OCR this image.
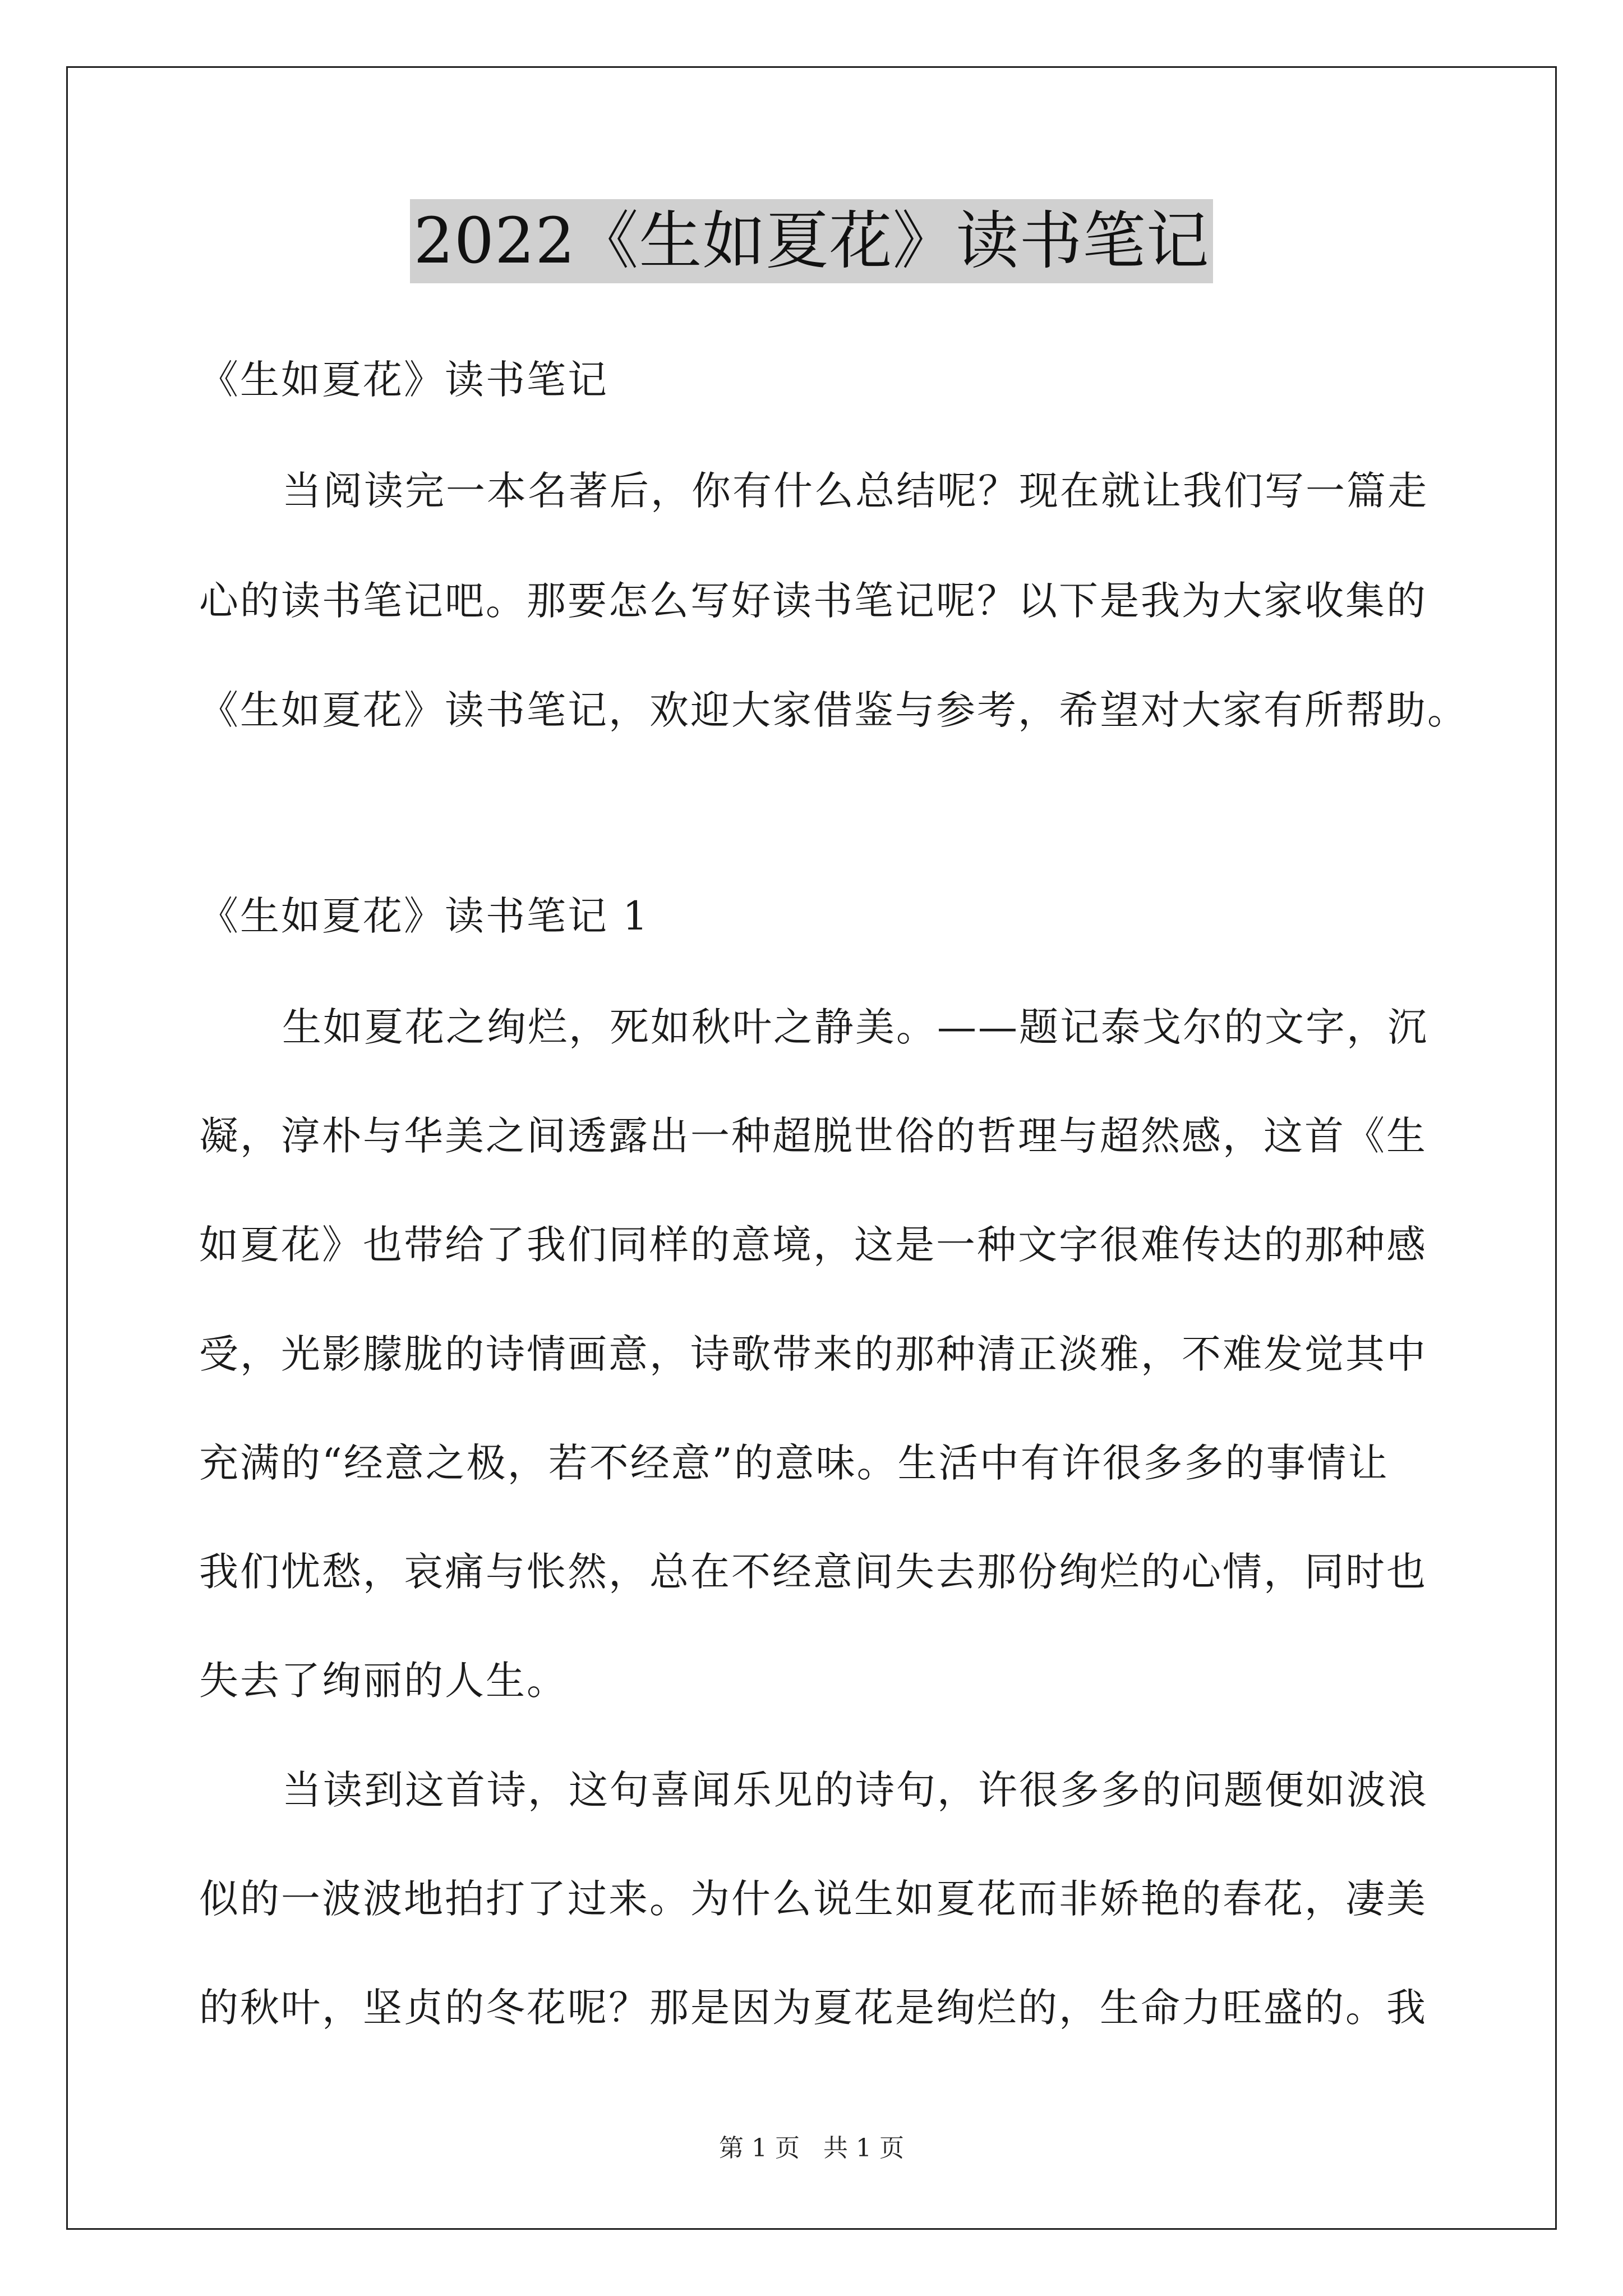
2022《生如夏花》读书笔记
《生如夏花》读书笔记
当阅读完一本名著后，你有什么总结呢？现在就让我们写一篇走
心的读书笔记吧。那要怎么写好读书笔记呢？以下是我为大家收集的
《生如夏花》读书笔记，欢迎大家借鉴与参考，希望对大家有所帮助。
《生如夏花》读书笔记 1
生如夏花之绚烂，死如秋叶之静美。——题记泰戈尔的文字，沉
凝，淳朴与华美之间透露出一种超脱世俗的哲理与超然感，这首《生
如夏花》也带给了我们同样的意境，这是一种文字很难传达的那种感
受，光影朦胧的诗情画意，诗歌带来的那种清正淡雅，不难发觉其中
充满的“经意之极，若不经意”的意味。生活中有许很多多的事情让
我们忧愁，哀痛与怅然，总在不经意间失去那份绚烂的心情，同时也
失去了绚丽的人生。
当读到这首诗，这句喜闻乐见的诗句，许很多多的问题便如波浪
似的一波波地拍打了过来。为什么说生如夏花而非娇艳的春花，凄美
的秋叶，坚贞的冬花呢？那是因为夏花是绚烂的，生命力旺盛的。我
第 1 页 共 1 页
